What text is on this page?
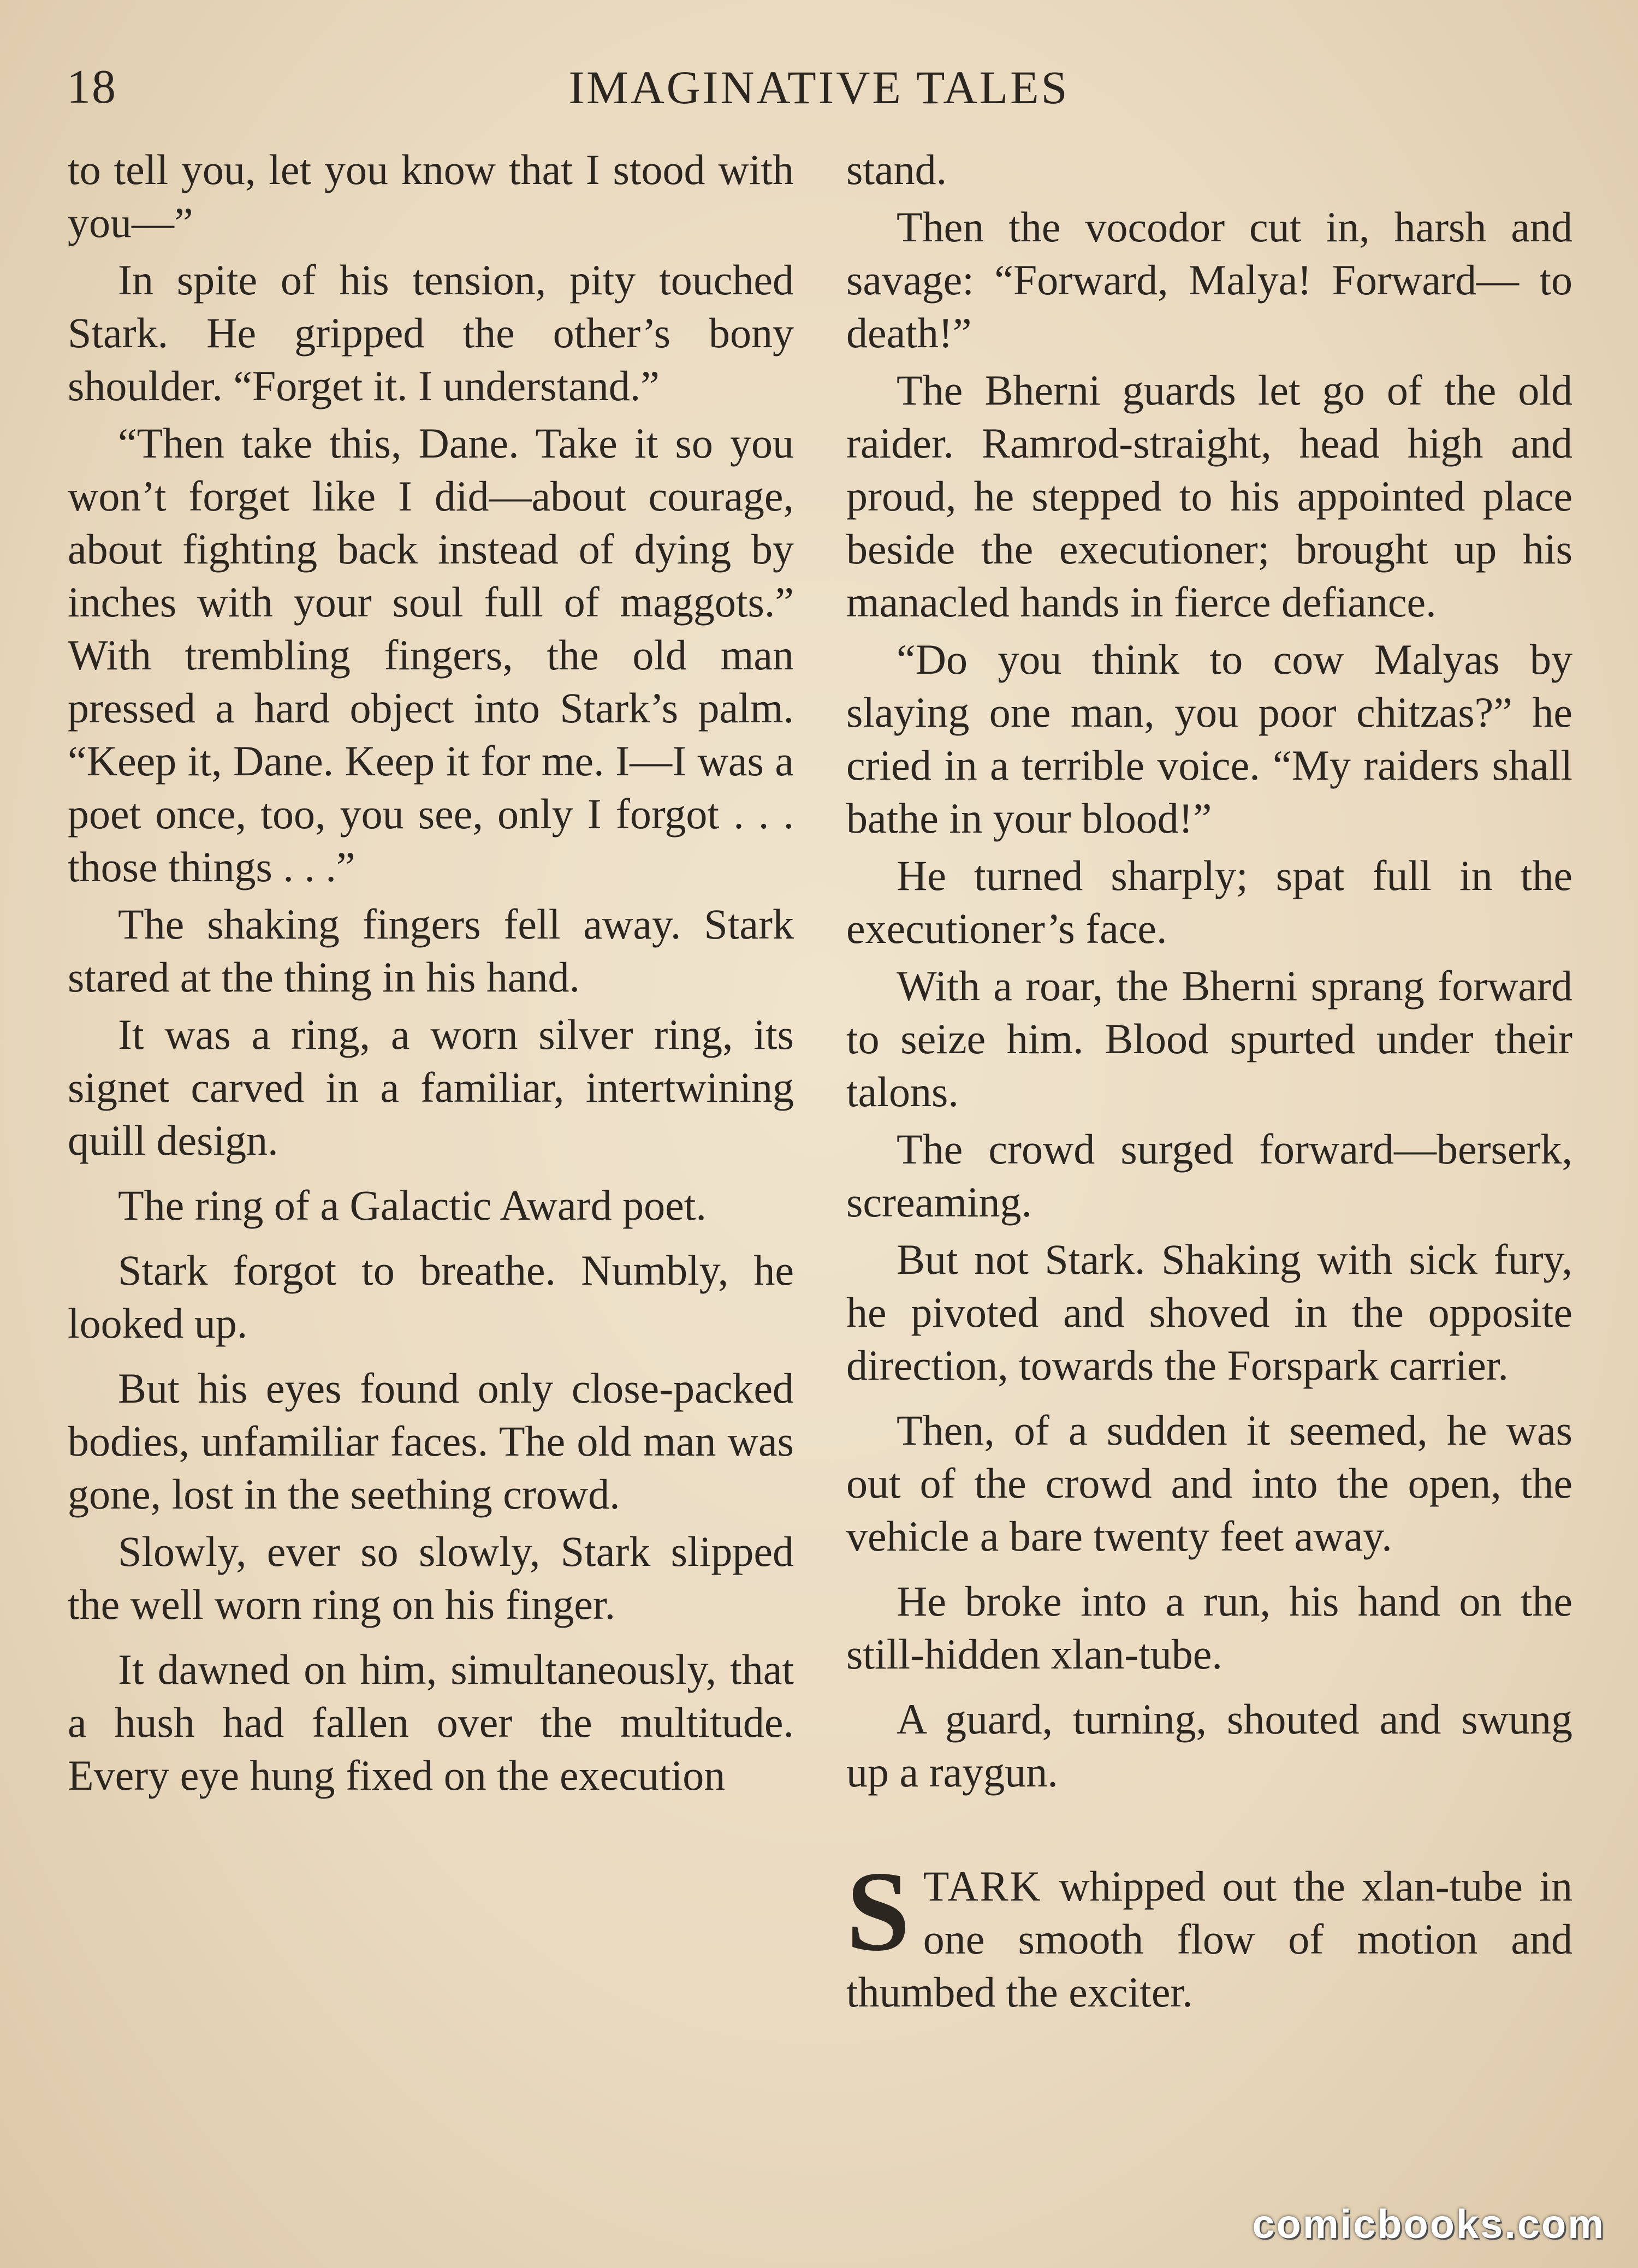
18	IMAGINATIVE TALES

to tell you, let you know that I stood with you—”

In spite of his tension, pity touched Stark. He gripped the other’s bony shoulder. “Forget it. I understand.”

“Then take this, Dane. Take it so you won’t forget like I did—about courage, about fighting back instead of dying by inches with your soul full of maggots.” With trembling fingers, the old man pressed a hard object into Stark’s palm. “Keep it, Dane. Keep it for me. I—I was a poet once, too, you see, only I forgot . . . those things . . .”

The shaking fingers fell away. Stark stared at the thing in his hand.

It was a ring, a worn silver ring, its signet carved in a familiar, intertwining quill design.

The ring of a Galactic Award poet.

Stark forgot to breathe. Numbly, he looked up.

But his eyes found only close-packed bodies, unfamiliar faces. The old man was gone, lost in the seething crowd.

Slowly, ever so slowly, Stark slipped the well worn ring on his finger.

It dawned on him, simultaneously, that a hush had fallen over the multitude. Every eye hung fixed on the execution

stand.

Then the vocodor cut in, harsh and savage: “Forward, Malya! Forward— to death!”

The Bherni guards let go of the old raider. Ramrod-straight, head high and proud, he stepped to his appointed place beside the executioner; brought up his manacled hands in fierce defiance.

“Do you think to cow Malyas by slaying one man, you poor chitzas?” he cried in a terrible voice. “My raiders shall bathe in your blood!”

He turned sharply; spat full in the executioner’s face.

With a roar, the Bherni sprang forward to seize him. Blood spurted under their talons.

The crowd surged forward—berserk, screaming.

But not Stark. Shaking with sick fury, he pivoted and shoved in the opposite direction, towards the Forspark carrier.

Then, of a sudden it seemed, he was out of the crowd and into the open, the vehicle a bare twenty feet away.

He broke into a run, his hand on the still-hidden xlan-tube.

A guard, turning, shouted and swung up a raygun.

STARK whipped out the xlan-tube in one smooth flow of motion and thumbed the exciter.

comicbooks.com
